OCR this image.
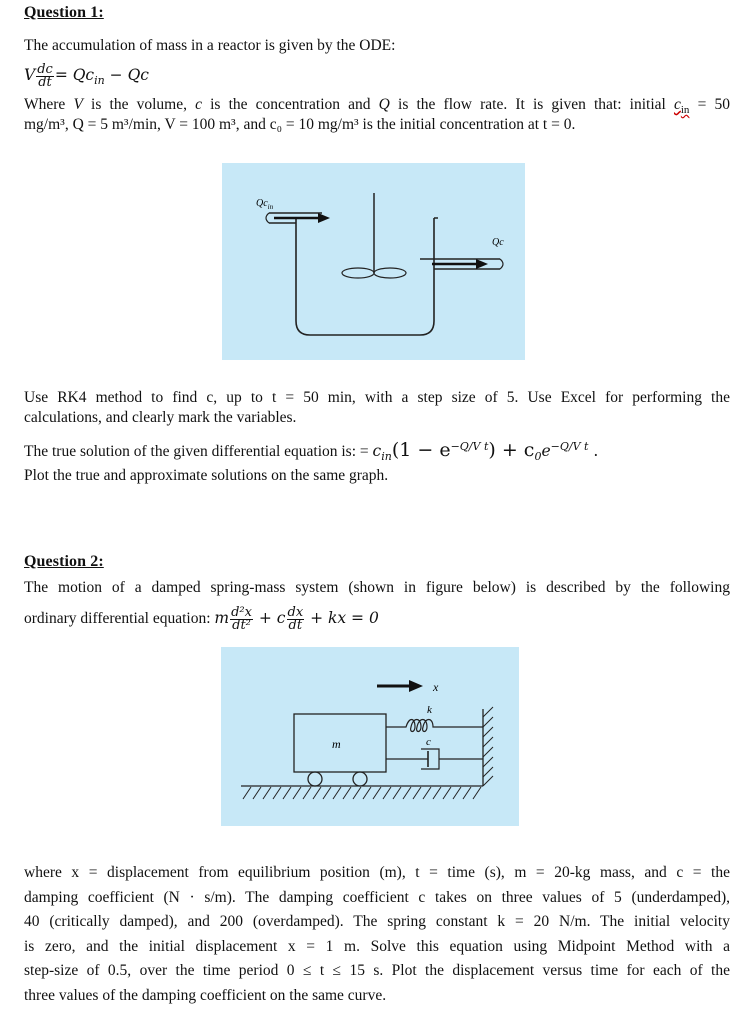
Question 1:
The accumulation of mass in a reactor is given by the ODE:
V $\frac{dc}{dt} = Qc_{in} - Qc$
Where V is the volume, c is the concentration and Q is the flow rate. It is given that: initial $c_{in} = 50$
mg/m³, Q = 5 m³/min, V = 100 m³, and c₀ = 10 mg/m³ is the initial concentration at t = 0.
$Qc_{in}$
Qc
Use RK4 method to find c, up to t = 50 min, with a step size of 5. Use Excel for performing the
calculations, and clearly mark the variables.
The true solution of the given differential equation is: = $c_{in}(1 - e^{-Q/V t}) + c_0e^{-Q/V t}$ .
Plot the true and approximate solutions on the same graph.
Question 2:
The motion of a damped spring-mass system (shown in figure below) is described by the following
ordinary differential equation: m $\frac{\text{d²x}}{\text{dt²}} + c \frac{dx}{dt}$ + kx = 0
x
m
k
c
where x = displacement from equilibrium position (m), t = time (s), m = 20-kg mass, and c = the
damping coefficient (N · s/m). The damping coefficient c takes on three values of 5 (underdamped),
40 (critically damped), and 200 (overdamped). The spring constant k = 20 N/m. The initial velocity
is zero, and the initial displacement x = 1 m. Solve this equation using Midpoint Method with a
step-size of 0.5, over the time period 0 ≤ t ≤ 15 s. Plot the displacement versus time for each of the
three values of the damping coefficient on the same curve.
